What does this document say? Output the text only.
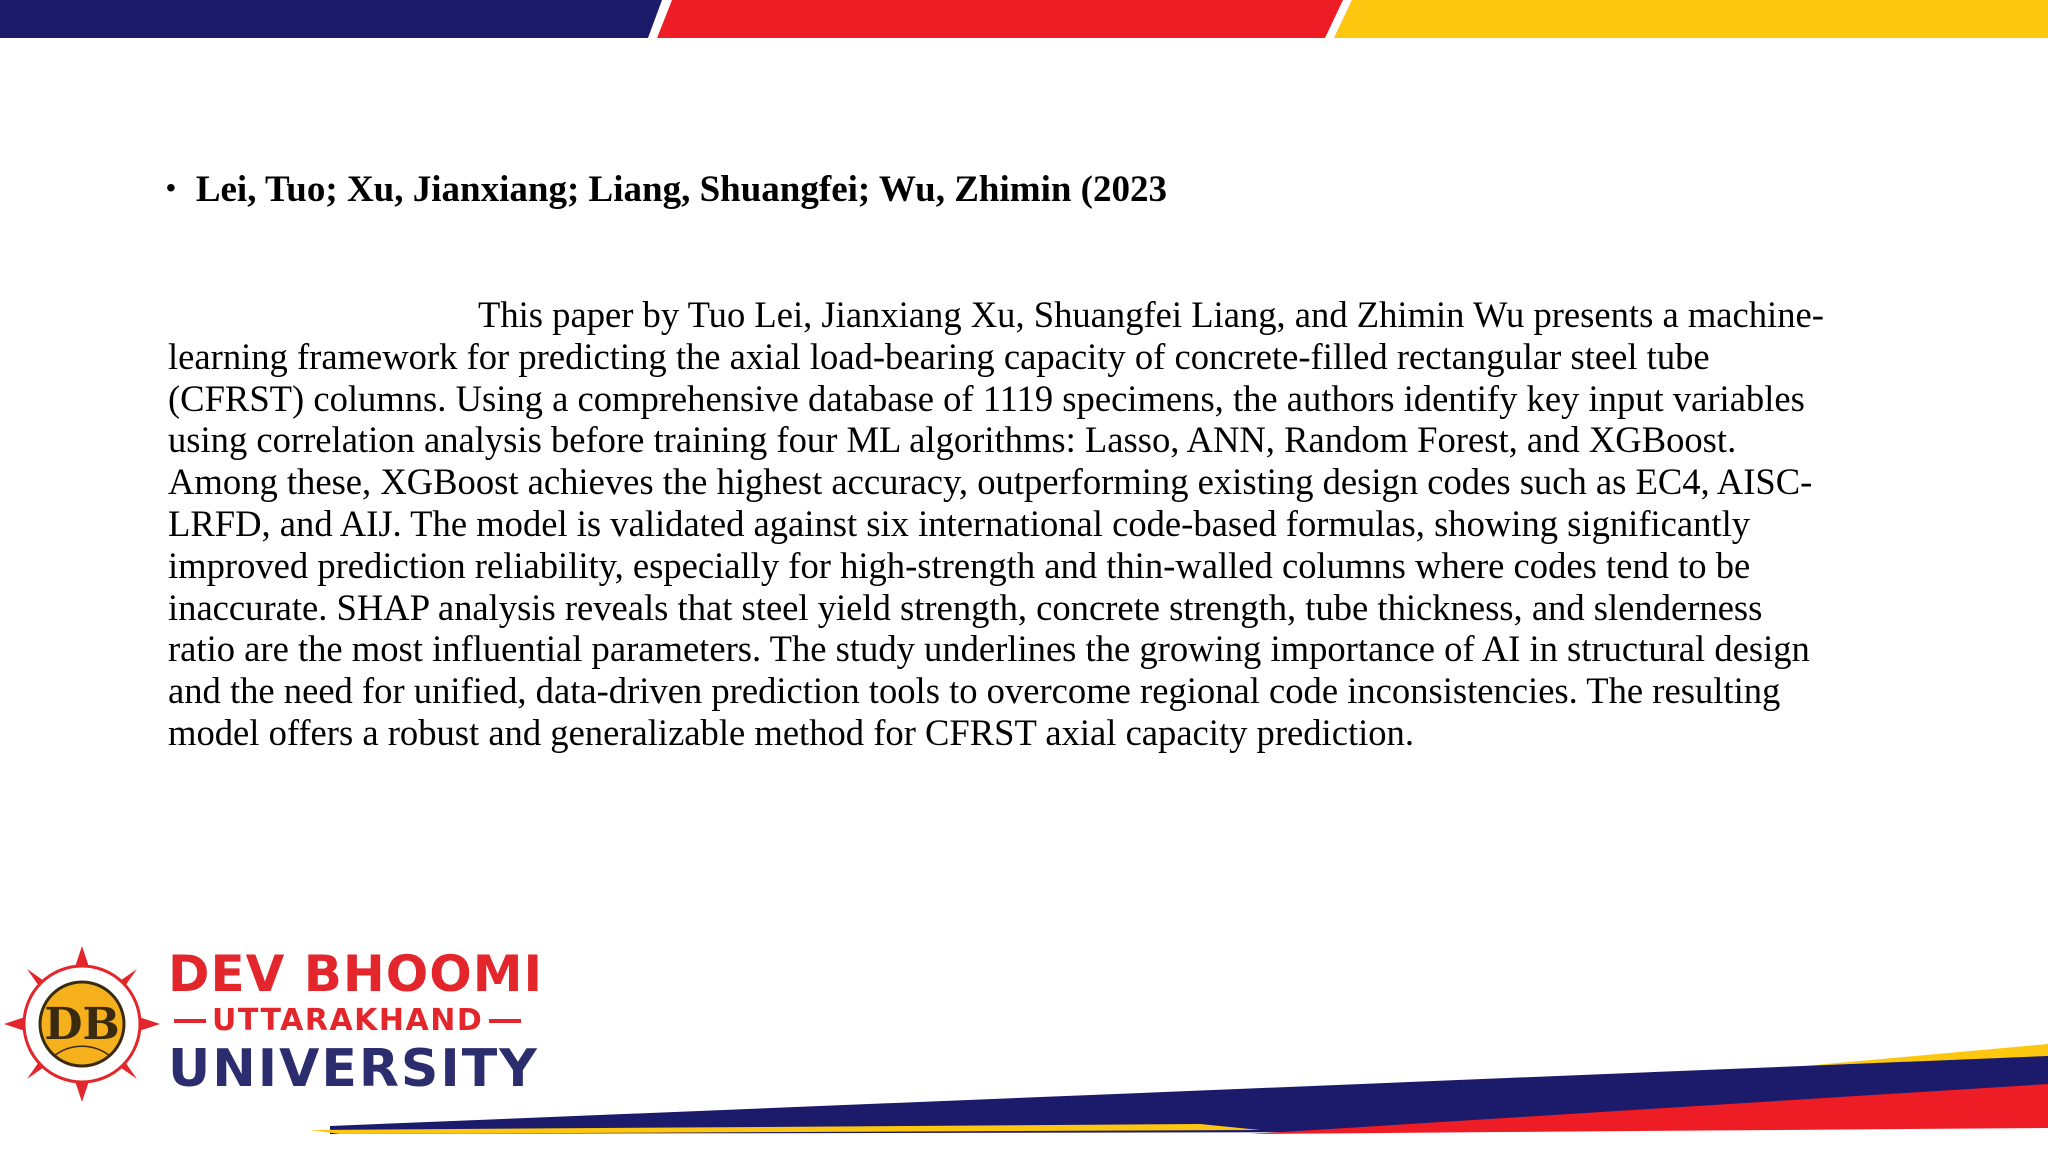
• Lei, Tuo; Xu, Jianxiang; Liang, Shuangfei; Wu, Zhimin (2023

This paper by Tuo Lei, Jianxiang Xu, Shuangfei Liang, and Zhimin Wu presents a machine-
learning framework for predicting the axial load-bearing capacity of concrete-filled rectangular steel tube
(CFRST) columns. Using a comprehensive database of 1119 specimens, the authors identify key input variables
using correlation analysis before training four ML algorithms: Lasso, ANN, Random Forest, and XGBoost.
Among these, XGBoost achieves the highest accuracy, outperforming existing design codes such as EC4, AISC-
LRFD, and AIJ. The model is validated against six international code-based formulas, showing significantly
improved prediction reliability, especially for high-strength and thin-walled columns where codes tend to be
inaccurate. SHAP analysis reveals that steel yield strength, concrete strength, tube thickness, and slenderness
ratio are the most influential parameters. The study underlines the growing importance of AI in structural design
and the need for unified, data-driven prediction tools to overcome regional code inconsistencies. The resulting
model offers a robust and generalizable method for CFRST axial capacity prediction.

DB
DEV BHOOMI
UTTARAKHAND
UNIVERSITY
